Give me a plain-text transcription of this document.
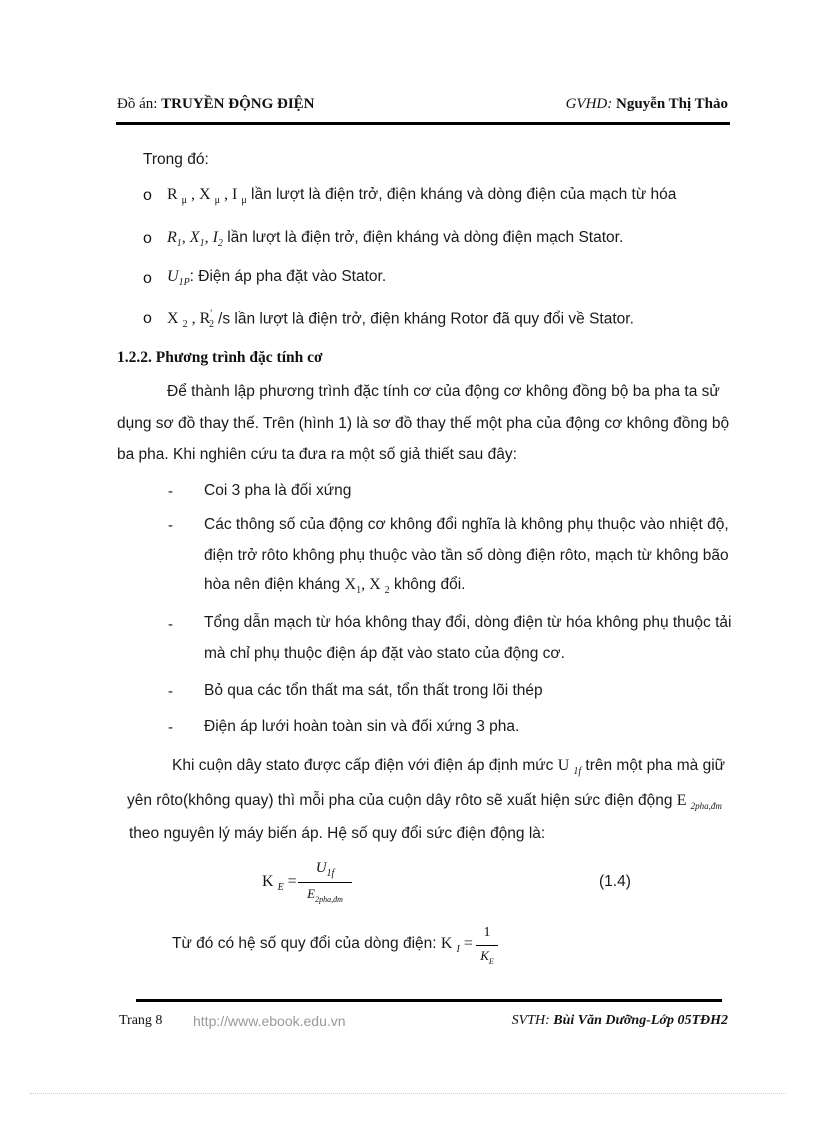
Đồ án: TRUYỀN ĐỘNG ĐIỆN	GVHD: Nguyễn Thị Thảo
Trong đó:
o R $_\mu$ , X $_\mu$ , I $_\mu$ lần lượt là điện trở, điện kháng và dòng điện của mạch từ hóa
o $R_1$, $X_1$, $I_2$ lần lượt là điện trở, điện kháng và dòng điện mạch Stator.
o $U_{1P}$: Điện áp pha đặt vào Stator.
o X $_2$ , $R'_2$ /s lần lượt là điện trở, điện kháng Rotor đã quy đổi về Stator.
1.2.2. Phương trình đặc tính cơ
Để thành lập phương trình đặc tính cơ của động cơ không đồng bộ ba pha ta sử
dụng sơ đồ thay thế. Trên (hình 1) là sơ đồ thay thế một pha của động cơ không đồng bộ
ba pha. Khi nghiên cứu ta đưa ra một số giả thiết sau đây:
- Coi 3 pha là đối xứng
- Các thông số của động cơ không đổi nghĩa là không phụ thuộc vào nhiệt độ,
điện trở rôto không phụ thuộc vào tần số dòng điện rôto, mạch từ không bão
hòa nên điện kháng $X_1$, X $_2$ không đổi.
- Tổng dẫn mạch từ hóa không thay đổi, dòng điện từ hóa không phụ thuộc tải
mà chỉ phụ thuộc điện áp đặt vào stato của động cơ.
- Bỏ qua các tổn thất ma sát, tổn thất trong lõi thép
- Điện áp lưới hoàn toàn sin và đối xứng 3 pha.
Khi cuộn dây stato được cấp điện với điện áp định mức U $_{1f}$ trên một pha mà giữ
yên rôto(không quay) thì mỗi pha của cuộn dây rôto sẽ xuất hiện sức điện động E $_{2pha,đm}$
theo nguyên lý máy biến áp. Hệ số quy đổi sức điện động là:
K $_E$ =
$U_{1f}$
$E_{2pha,đm}$
(1.4)
Từ đó có hệ số quy đổi của dòng điện: K $_I$ =
1
$K_E$
Trang 8 http://www.ebook.edu.vn	SVTH: Bùi Văn Dưỡng-Lớp 05TĐH2
